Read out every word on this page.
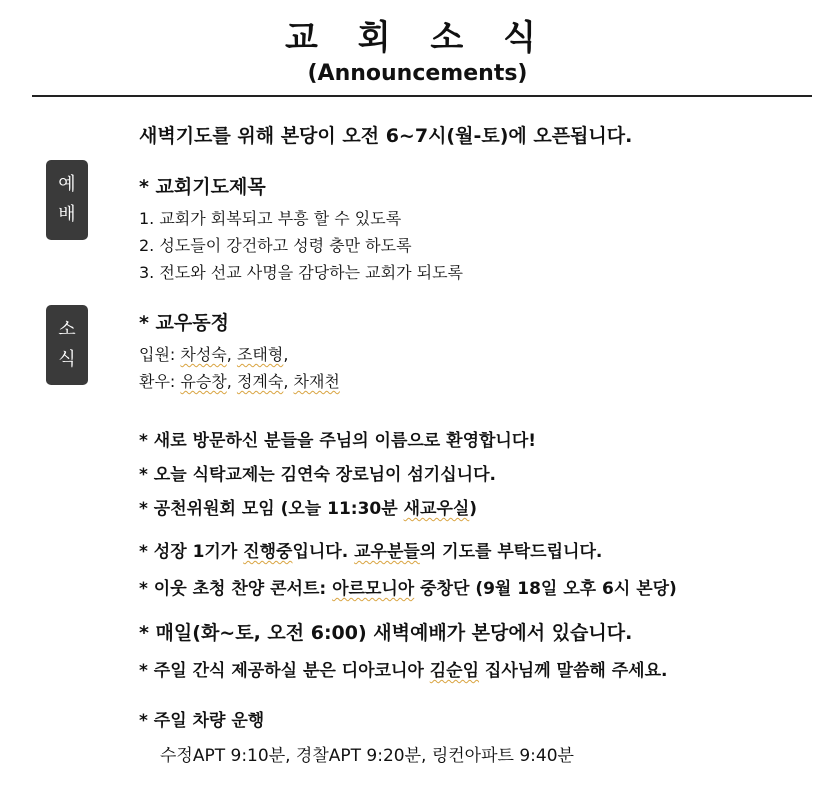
교 회 소 식
(Announcements)
예
배
소
식
새벽기도를 위해 본당이 오전 6~7시(월-토)에 오픈됩니다.
* 교회기도제목
1. 교회가 회복되고 부흥 할 수 있도록
2. 성도들이 강건하고 성령 충만 하도록
3. 전도와 선교 사명을 감당하는 교회가 되도록
* 교우동정
입원: 차성숙, 조태형,
환우: 유승창, 정계숙, 차재천
* 새로 방문하신 분들을 주님의 이름으로 환영합니다!
* 오늘 식탁교제는 김연숙 장로님이 섬기십니다.
* 공천위원회 모임 (오늘 11:30분 새교우실)
* 성장 1기가 진행중입니다. 교우분들의 기도를 부탁드립니다.
* 이웃 초청 찬양 콘서트: 아르모니아 중창단 (9월 18일 오후 6시 본당)
* 매일(화~토, 오전 6:00) 새벽예배가 본당에서 있습니다.
* 주일 간식 제공하실 분은 디아코니아 김순임 집사님께 말씀해 주세요.
* 주일 차량 운행
수정APT 9:10분, 경찰APT 9:20분, 링컨아파트 9:40분
